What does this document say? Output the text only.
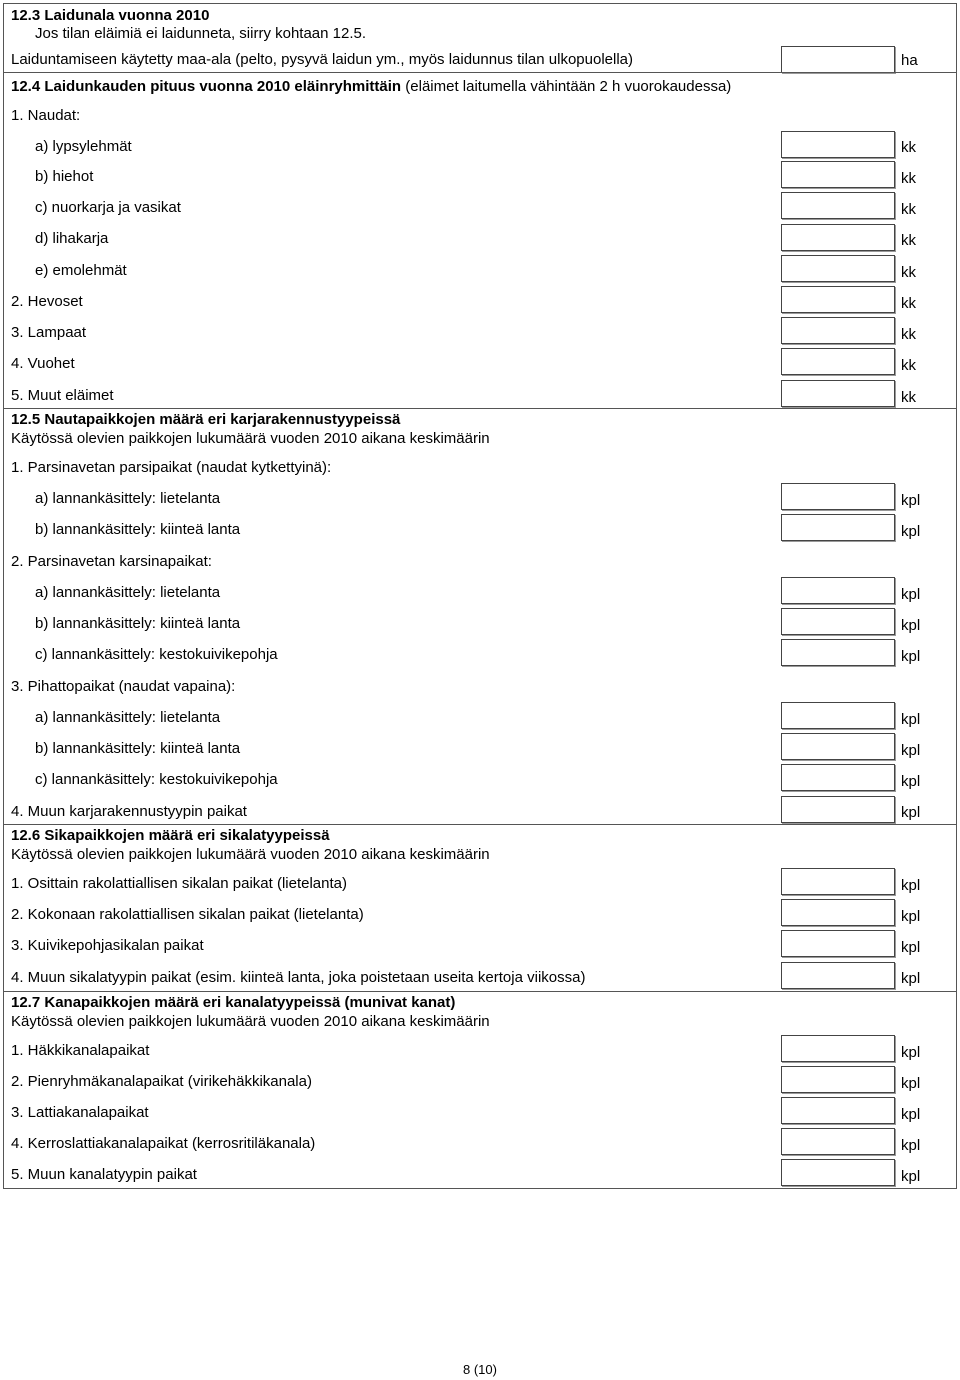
12.3 Laidunala vuonna 2010
Jos tilan eläimiä ei laidunneta, siirry kohtaan 12.5.
Laiduntamiseen käytetty maa-ala (pelto, pysyvä laidun ym., myös laidunnus tilan ulkopuolella)	ha
12.4 Laidunkauden pituus vuonna 2010 eläinryhmittäin (eläimet laitumella vähintään 2 h vuorokaudessa)
1. Naudat:
a) lypsylehmät	kk
b) hiehot	kk
c) nuorkarja ja vasikat	kk
d) lihakarja	kk
e) emolehmät	kk
2. Hevoset	kk
3. Lampaat	kk
4. Vuohet	kk
5. Muut eläimet	kk
12.5 Nautapaikkojen määrä eri karjarakennustyypeissä
Käytössä olevien paikkojen lukumäärä vuoden 2010 aikana keskimäärin
1. Parsinavetan parsipaikat (naudat kytkettyinä):
a) lannankäsittely: lietelanta	kpl
b) lannankäsittely: kiinteä lanta	kpl
2. Parsinavetan karsinapaikat:
a) lannankäsittely: lietelanta	kpl
b) lannankäsittely: kiinteä lanta	kpl
c) lannankäsittely: kestokuivikepohja	kpl
3. Pihattopaikat (naudat vapaina):
a) lannankäsittely: lietelanta	kpl
b) lannankäsittely: kiinteä lanta	kpl
c) lannankäsittely: kestokuivikepohja	kpl
4. Muun karjarakennustyypin paikat	kpl
12.6 Sikapaikkojen määrä eri sikalatyypeissä
Käytössä olevien paikkojen lukumäärä vuoden 2010 aikana keskimäärin
1. Osittain rakolattiallisen sikalan paikat (lietelanta)	kpl
2. Kokonaan rakolattiallisen sikalan paikat (lietelanta)	kpl
3. Kuivikepohjasikalan paikat	kpl
4. Muun sikalatyypin paikat (esim. kiinteä lanta, joka poistetaan useita kertoja viikossa)	kpl
12.7 Kanapaikkojen määrä eri kanalatyypeissä (munivat kanat)
Käytössä olevien paikkojen lukumäärä vuoden 2010 aikana keskimäärin
1. Häkkikanalapaikat	kpl
2. Pienryhmäkanalapaikat (virikehäkkikanala)	kpl
3. Lattiakanalapaikat	kpl
4. Kerroslattiakanalapaikat (kerrosritiläkanala)	kpl
5. Muun kanalatyypin paikat	kpl
8 (10)
